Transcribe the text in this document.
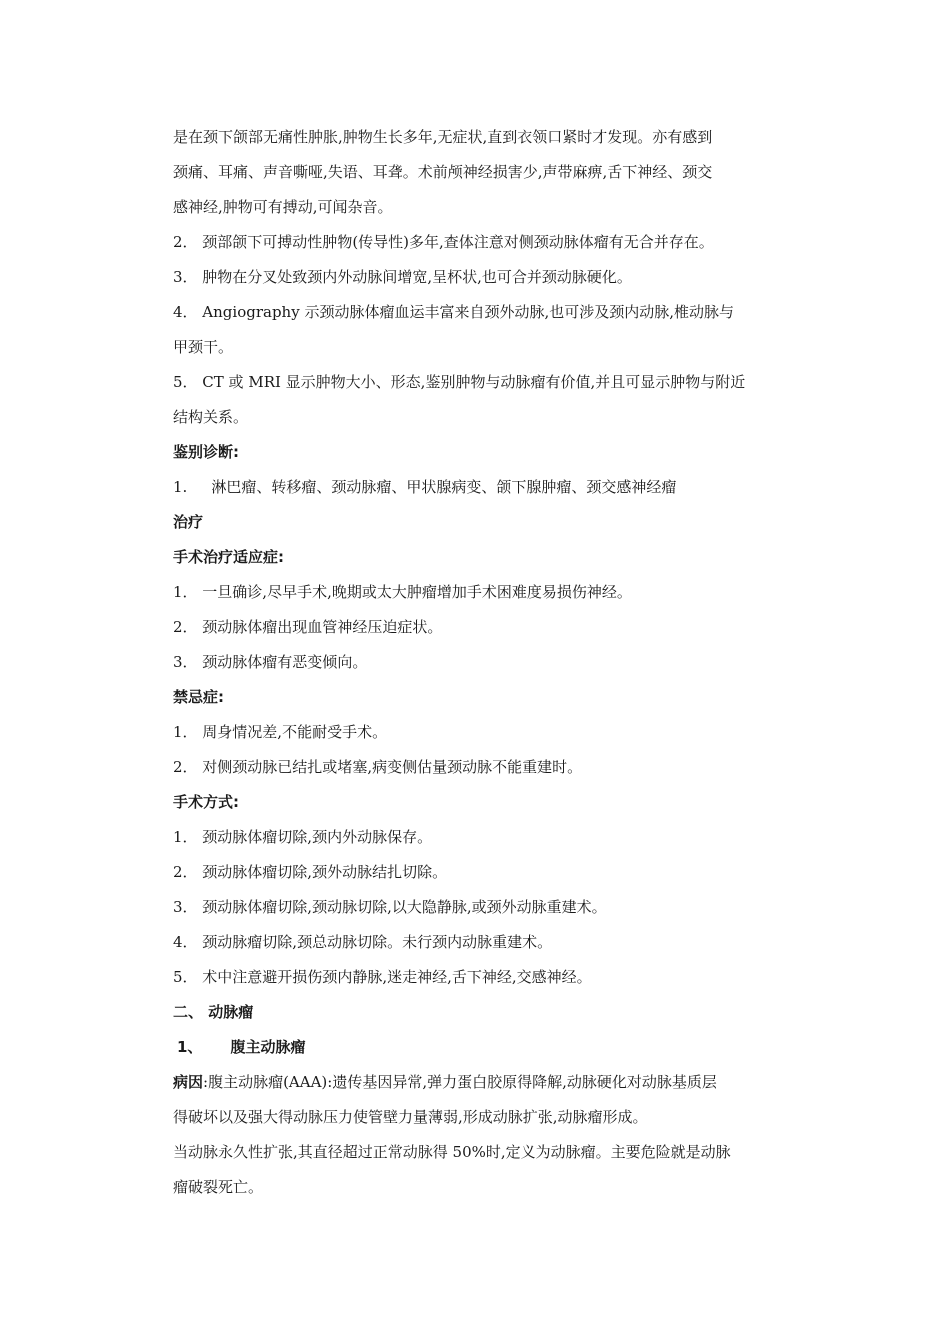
是在颈下颌部无痛性肿胀,肿物生长多年,无症状,直到衣领口紧时才发现。亦有感到
颈痛、耳痛、声音嘶哑,失语、耳聋。术前颅神经损害少,声带麻痹,舌下神经、颈交
感神经,肿物可有搏动,可闻杂音。
2． 颈部颌下可搏动性肿物(传导性)多年,查体注意对侧颈动脉体瘤有无合并存在。
3． 肿物在分叉处致颈内外动脉间增宽,呈杯状,也可合并颈动脉硬化。
4． Angiography 示颈动脉体瘤血运丰富来自颈外动脉,也可涉及颈内动脉,椎动脉与
甲颈干。
5． CT 或 MRI 显示肿物大小、形态,鉴别肿物与动脉瘤有价值,并且可显示肿物与附近
结构关系。
鉴别诊断:
1. 淋巴瘤、转移瘤、颈动脉瘤、甲状腺病变、颌下腺肿瘤、颈交感神经瘤
治疗
手术治疗适应症:
1． 一旦确诊,尽早手术,晚期或太大肿瘤增加手术困难度易损伤神经。
2． 颈动脉体瘤出现血管神经压迫症状。
3． 颈动脉体瘤有恶变倾向。
禁忌症:
1． 周身情况差,不能耐受手术。
2． 对侧颈动脉已结扎或堵塞,病变侧估量颈动脉不能重建时。
手术方式:
1． 颈动脉体瘤切除,颈内外动脉保存。
2． 颈动脉体瘤切除,颈外动脉结扎切除。
3． 颈动脉体瘤切除,颈动脉切除,以大隐静脉,或颈外动脉重建术。
4． 颈动脉瘤切除,颈总动脉切除。未行颈内动脉重建术。
5． 术中注意避开损伤颈内静脉,迷走神经,舌下神经,交感神经。
二、 动脉瘤
1、 腹主动脉瘤
病因:腹主动脉瘤(AAA):遗传基因异常,弹力蛋白胶原得降解,动脉硬化对动脉基质层
得破坏以及强大得动脉压力使管壁力量薄弱,形成动脉扩张,动脉瘤形成。
当动脉永久性扩张,其直径超过正常动脉得 50%时,定义为动脉瘤。主要危险就是动脉
瘤破裂死亡。
